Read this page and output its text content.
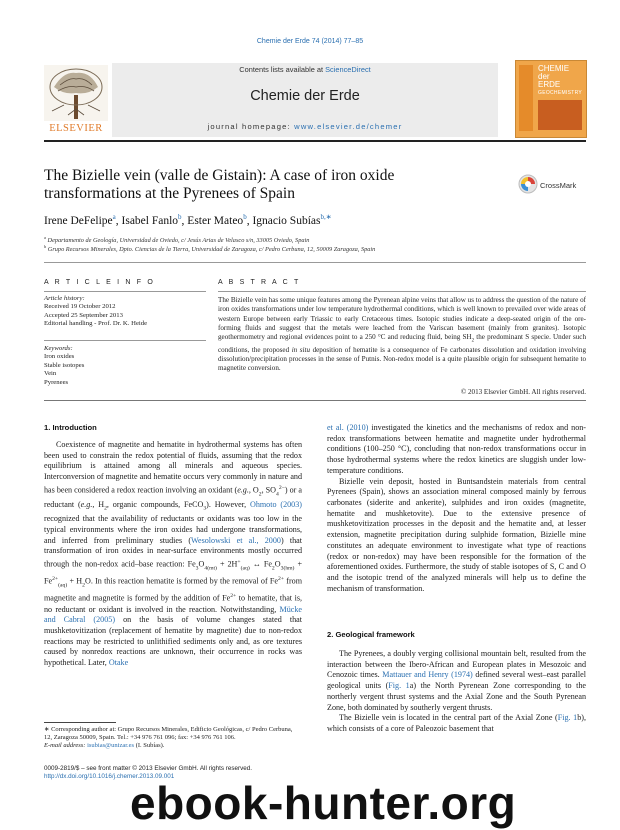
Chemie der Erde 74 (2014) 77–85
ELSEVIER
Contents lists available at ScienceDirect
Chemie der Erde
journal homepage: www.elsevier.de/chemer
CHEMIE
der
ERDE
GEOCHEMISTRY
The Bizielle vein (valle de Gistain): A case of iron oxide transformations at the Pyrenees of Spain	CrossMark
Irene DeFelipe$^a$, Isabel Fanlo$^b$, Ester Mateo$^b$, Ignacio Subías$^{b,∗}$
$^a$ Departamento de Geología, Universidad de Oviedo, c/ Jesús Arias de Velasco s/n, 33005 Oviedo, Spain
$^b$ Grupo Recursos Minerales, Dpto. Ciencias de la Tierra, Universidad de Zaragoza, c/ Pedro Cerbuna, 12, 50009 Zaragoza, Spain
A R T I C L E I N F O
Article history:
Received 19 October 2012
Accepted 25 September 2013
Editorial handling - Prof. Dr. K. Heide
Keywords:
Iron oxides
Stable isotopes
Vein
Pyrenees
A B S T R A C T
The Bizielle vein has some unique features among the Pyrenean alpine veins that allow us to address the question of the nature of iron oxides transformations under low temperature hydrothermal conditions, which is well known to prevailed over wide areas of western Europe between early Triassic to early Cretaceous times. Isotopic studies indicate a deep-seated origin of the ore-forming fluids and suggest that the metals were leached from the Variscan basement (mainly from granites). Isotopic geothermometry and regional evidences point to a 250 °C and reducing fluid, being $SH_2$ the predominant S specie. Under such conditions, the proposed in situ deposition of hematite is a consequence of Fe carbonates dissolution and oxidation involving dissolution/precipitation processes in the sense of Putnis. Non-redox model is a quite plausible origin for subsequent hematite to magnetite conversion.
© 2013 Elsevier GmbH. All rights reserved.
1. Introduction

Coexistence of magnetite and hematite in hydrothermal systems has often been used to constrain the redox potential of fluids, assuming that the redox equilibrium is attained among all minerals and aqueous species. Interconversion of magnetite and hematite occurs very commonly in nature and has been considered a redox reaction involving an oxidant (e.g., $O_2$, $SO_4^{2-}$) or a reductant (e.g., $H_2$, organic compounds, FeCO$_3$). However, Ohmoto (2003) recognized that the availability of reductants or oxidants was too low in the typical environments where the iron oxides had undergone transformations, and inferred from preliminary studies (Wesolowski et al., 2000) that transformation of iron oxides in near-surface environments mostly occurred through the non-redox acid–base reaction: $Fe_3O_{4(mt)} + 2H^+_{(aq)}$ ↔ $Fe_2O_{3(hm)} + Fe^{2+}_{(aq)} + H_2O$. In this reaction hematite is formed by the removal of $Fe^{2+}$ from magnetite and magnetite is formed by the addition of $Fe^{2+}$ to hematite, that is, no reductant or oxidant is involved in the reaction. Notwithstanding, Mücke and Cabral (2005) on the basis of volume changes stated that mushketovitization (replacement of hematite by magnetite) due to non-redox reactions may be restricted to unlithified sediments only and, as ore textures caused by nonredox reactions are unknown, their occurrence in rocks was hypothetical. Later, Otake

∗ Corresponding author at: Grupo Recursos Minerales, Edificio Geológicas, c/ Pedro Cerbuna, 12, Zaragoza 50009, Spain. Tel.: +34 976 761 096; fax: +34 976 761 106.
E-mail address: isubias@unizar.es (I. Subías).
0009-2819/$ – see front matter © 2013 Elsevier GmbH. All rights reserved.
http://dx.doi.org/10.1016/j.chemer.2013.09.001

et al. (2010) investigated the kinetics and the mechanisms of redox and non-redox transformations between hematite and magnetite under hydrothermal conditions (100–250 °C), concluding that non-redox transformations occur in those hydrothermal systems where the redox kinetics are sluggish under low-temperature conditions.

Bizielle vein deposit, hosted in Buntsandstein materials from central Pyrenees (Spain), shows an association mineral composed mainly by ferrous carbonates (siderite and ankerite), sulphides and iron oxides (magnetite, hematite and mushketovite). Due to the extensive presence of mushketovitization processes in the deposit and the hematite and, at lesser extension, magnetite precipitation during sulphide formation, Bizielle mine constitutes an adequate environment to investigate what type of reactions (redox or non-redox) may have been responsible for the formation of the aforementioned oxides. Furthermore, the study of stable isotopes of S, C and O and the isotopic trend of the analyzed minerals will help us to define the mechanism of transformation.

2. Geological framework

The Pyrenees, a doubly verging collisional mountain belt, resulted from the interaction between the Ibero-African and European plates in Mesozoic and Cenozoic times. Mattauer and Henry (1974) defined several west–east parallel geological units (Fig. 1a) the North Pyrenean Zone corresponding to the northerly vergent thrust systems and the Axial Zone and the South Pyrenean Zone, both dominated by southerly vergent thrusts.

The Bizielle vein is located in the central part of the Axial Zone (Fig. 1b), which consists of a core of Paleozoic basement that

ebook-hunter.org
